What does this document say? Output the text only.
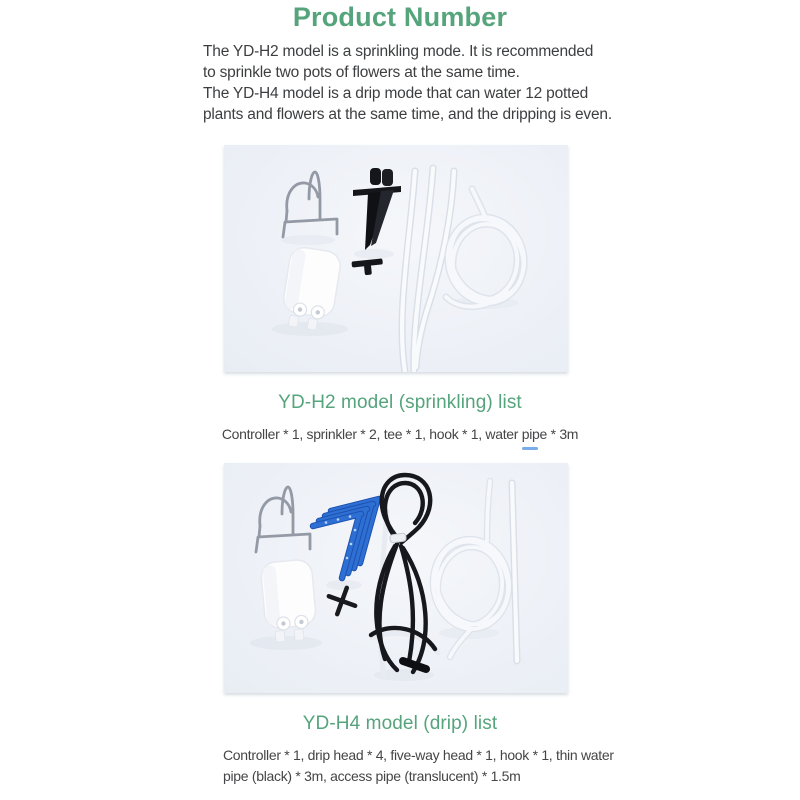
Product Number
The YD-H2 model is a sprinkling mode. It is recommended
to sprinkle two pots of flowers at the same time.
The YD-H4 model is a drip mode that can water 12 potted
plants and flowers at the same time, and the dripping is even.
YD-H2 model (sprinkling) list
Controller * 1, sprinkler * 2, tee * 1, hook * 1, water pipe * 3m
YD-H4 model (drip) list
Controller * 1, drip head * 4, five-way head * 1, hook * 1, thin water
pipe (black) * 3m, access pipe (translucent) * 1.5m
